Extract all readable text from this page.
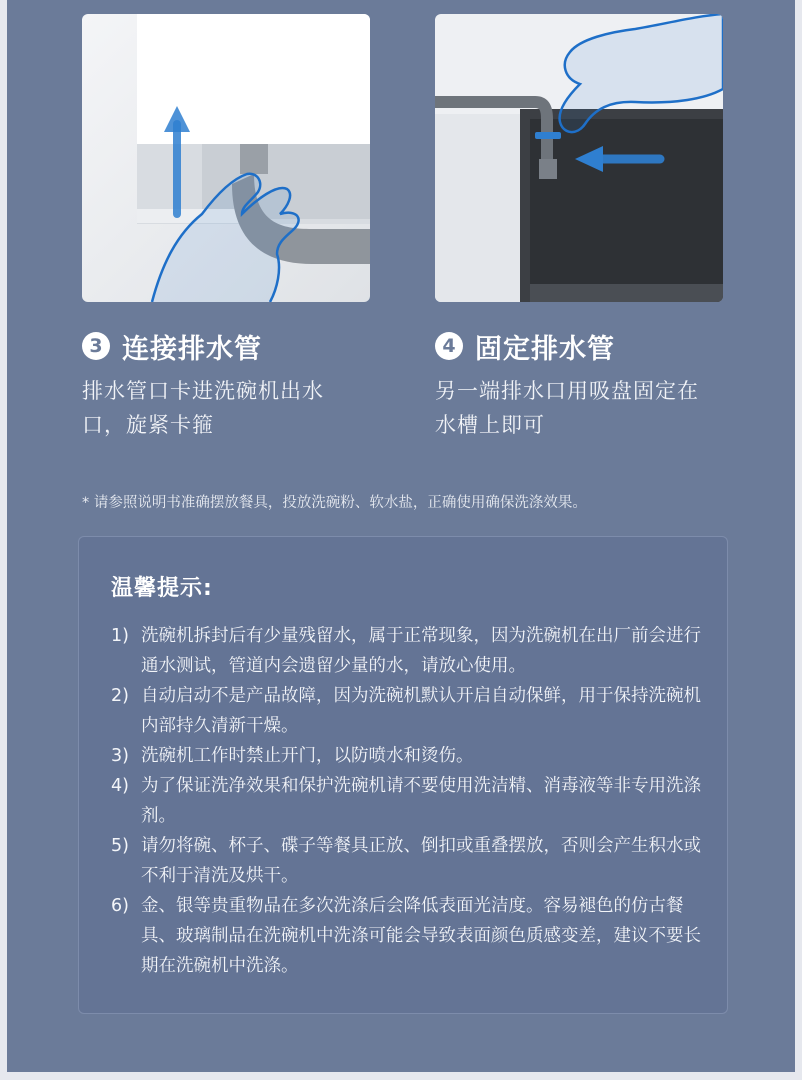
3 连接排水管
排水管口卡进洗碗机出水口，旋紧卡箍
4 固定排水管
另一端排水口用吸盘固定在水槽上即可
* 请参照说明书准确摆放餐具，投放洗碗粉、软水盐，正确使用确保洗涤效果。
温馨提示:
1) 洗碗机拆封后有少量残留水，属于正常现象，因为洗碗机在出厂前会进行通水测试，管道内会遗留少量的水，请放心使用。
2) 自动启动不是产品故障，因为洗碗机默认开启自动保鲜，用于保持洗碗机内部持久清新干燥。
3) 洗碗机工作时禁止开门，以防喷水和烫伤。
4) 为了保证洗净效果和保护洗碗机请不要使用洗洁精、消毒液等非专用洗涤剂。
5) 请勿将碗、杯子、碟子等餐具正放、倒扣或重叠摆放，否则会产生积水或不利于清洗及烘干。
6) 金、银等贵重物品在多次洗涤后会降低表面光洁度。容易褪色的仿古餐具、玻璃制品在洗碗机中洗涤可能会导致表面颜色质感变差，建议不要长期在洗碗机中洗涤。
